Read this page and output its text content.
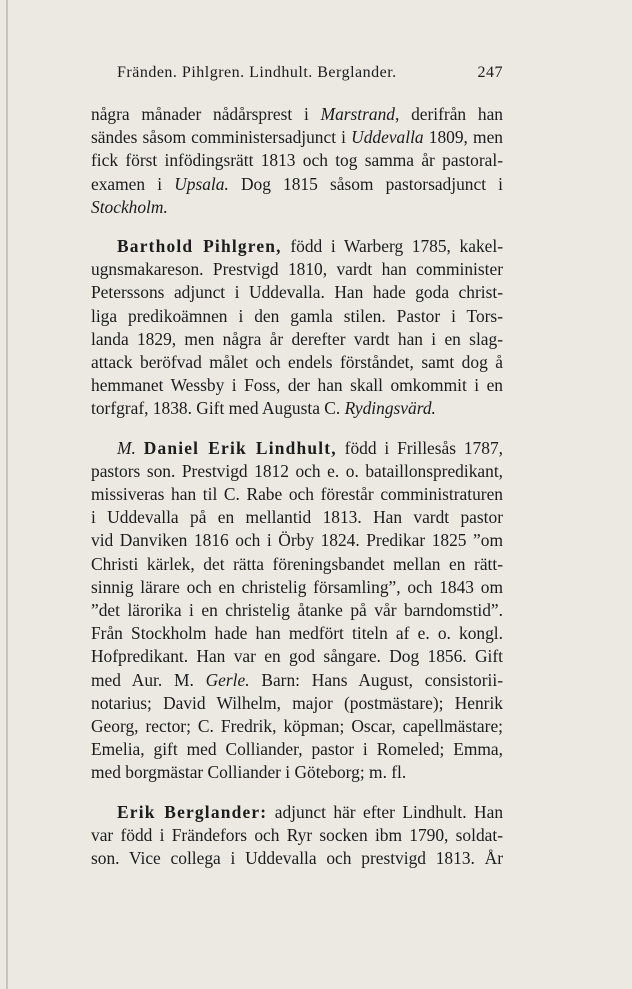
Fränden. Pihlgren. Lindhult. Berglander.	247

några månader nådårsprest i Marstrand, derifrån han
sändes såsom comministersadjunct i Uddevalla 1809, men
fick först infödingsrätt 1813 och tog samma år pastoral-
examen i Upsala. Dog 1815 såsom pastorsadjunct i
Stockholm.

Barthold Pihlgren, född i Warberg 1785, kakel-
ugnsmakareson. Prestvigd 1810, vardt han comminister
Peterssons adjunct i Uddevalla. Han hade goda christ-
liga predikoämnen i den gamla stilen. Pastor i Tors-
landa 1829, men några år derefter vardt han i en slag-
attack beröfvad målet och endels förståndet, samt dog å
hemmanet Wessby i Foss, der han skall omkommit i en
torfgraf, 1838. Gift med Augusta C. Rydingsvärd.

M. Daniel Erik Lindhult, född i Frillesås 1787,
pastors son. Prestvigd 1812 och e. o. bataillonspredikant,
missiveras han til C. Rabe och förestår comministraturen
i Uddevalla på en mellantid 1813. Han vardt pastor
vid Danviken 1816 och i Örby 1824. Predikar 1825 ”om
Christi kärlek, det rätta föreningsbandet mellan en rätt-
sinnig lärare och en christelig församling”, och 1843 om
”det lärorika i en christelig åtanke på vår barndomstid”.
Från Stockholm hade han medfört titeln af e. o. kongl.
Hofpredikant. Han var en god sångare. Dog 1856. Gift
med Aur. M. Gerle. Barn: Hans August, consistorii-
notarius; David Wilhelm, major (postmästare); Henrik
Georg, rector; C. Fredrik, köpman; Oscar, capellmästare;
Emelia, gift med Colliander, pastor i Romeled; Emma,
med borgmästar Colliander i Göteborg; m. fl.

Erik Berglander: adjunct här efter Lindhult. Han
var född i Frändefors och Ryr socken ibm 1790, soldat-
son. Vice collega i Uddevalla och prestvigd 1813. År
